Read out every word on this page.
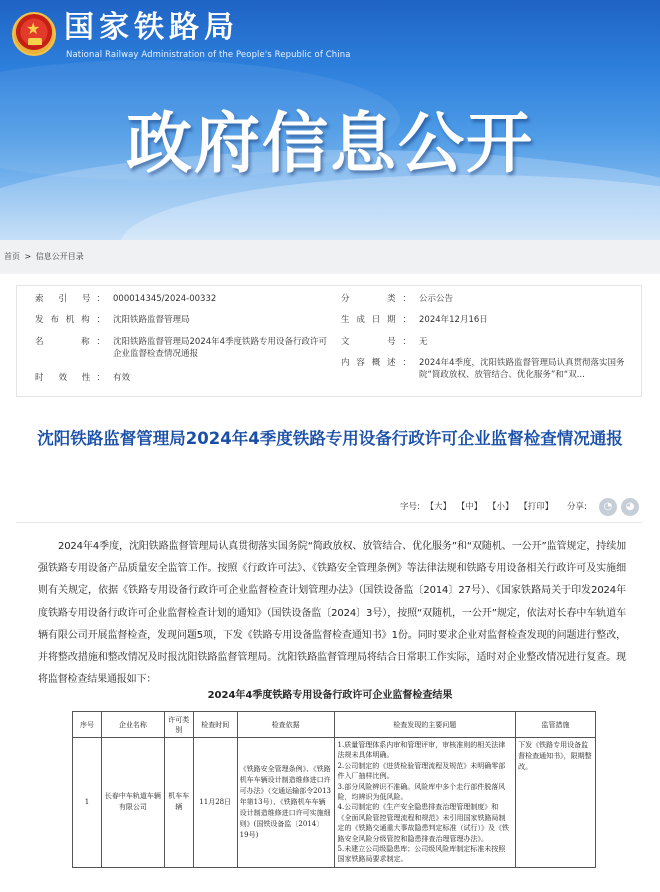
★ 国家铁路局
National Railway Administration of the People's Republic of China
政府信息公开
首页 > 信息公开目录
索 引 号： 000014345/2024-00332	分　　类： 公示公告
发布机构： 沈阳铁路监督管理局	生成日期： 2024年12月16日
名　　称： 沈阳铁路监督管理局2024年4季度铁路专用设备行政许可企业监督检查情况通报
文　　号： 无
内容概述： 2024年4季度，沈阳铁路监督管理局认真贯彻落实国务院“简政放权、放管结合、优化服务”和“双...
时 效 性： 有效
沈阳铁路监督管理局2024年4季度铁路专用设备行政许可企业监督检查情况通报
字号: 【大】 【中】 【小】 【打印】	分享:	◔	◕
2024年4季度，沈阳铁路监督管理局认真贯彻落实国务院“简政放权、放管结合、优化服务”和“双随机、一公开”监管规定，持续加强铁路专用设备产品质量安全监管工作。按照《行政许可法》、《铁路安全管理条例》等法律法规和铁路专用设备相关行政许可及实施细则有关规定，依据《铁路专用设备行政许可企业监督检查计划管理办法》（国铁设备监〔2014〕27号）、《国家铁路局关于印发2024年度铁路专用设备行政许可企业监督检查计划的通知》（国铁设备监〔2024〕3号），按照“双随机，一公开”规定，依法对长春中车轨道车辆有限公司开展监督检查，发现问题5项，下发《铁路专用设备监督检查通知书》1份。同时要求企业对监督检查发现的问题进行整改，并将整改措施和整改情况及时报沈阳铁路监督管理局。沈阳铁路监督管理局将结合日常职工作实际，适时对企业整改情况进行复查。现将监督检查结果通报如下：
2024年4季度铁路专用设备行政许可企业监督检查结果
序号	企业名称	许可类别	检查时间	检查依据	检查发现的主要问题	监管措施
1	长春中车轨道车辆有限公司	机车车辆	11月28日	《铁路安全管理条例》、《铁路机车车辆设计制造维修进口许可办法》（交通运输部令2013年第13号）、《铁路机车车辆设计制造维修进口许可实施细则》(国铁设备监〔2014〕19号)	1.质量管理体系内审和管理评审，审核准则的相关法律法规未具体明确。
2.公司制定的《进货检验管理流程及规范》未明确零部件入厂抽样比例。
3.部分风险辨识不准确。风险库中多个走行部件脱落风险，均辨识为低风险。
4.公司制定的《生产安全隐患排查治理管理制度》和《全面风险管控管理流程和规范》未引用国家铁路局制定的《铁路交通重大事故隐患判定标准（试行）》及《铁路安全风险分级管控和隐患排查治理管理办法》。
5.未建立公司级隐患库；公司级风险库制定标准未按照国家铁路局要求制定。	下发《铁路专用设备监督检查通知书》，限期整改。
